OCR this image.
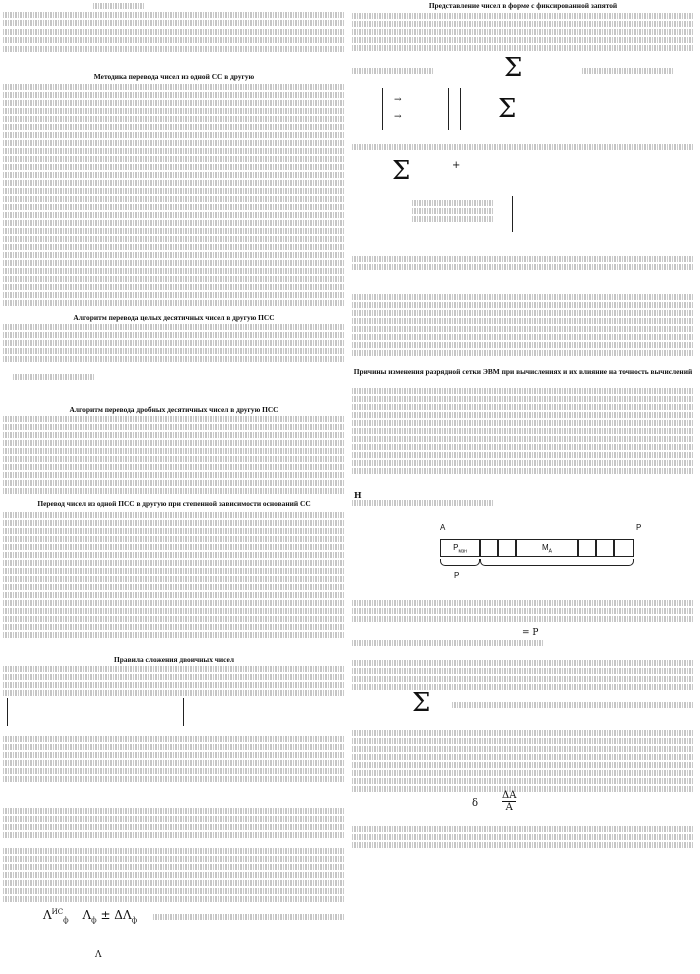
Методика перевода чисел из одной СС в другую
Алгоритм перевода целых десятичных чисел в другую ПСС
Алгоритм перевода дробных десятичных чисел в другую ПСС
Перевод чисел из одной ПСС в другую при степенной зависимости оснований СС
Правила сложения двоичных чисел
$\Lambda^{ИС}_ф$ $\Lambda_ф \pm \Delta\Lambda_ф$
Λ
Представление чисел в форме с фиксированной запятой
Σ
→
→	Σ
Σ	+
Причины изменения разрядной сетки ЭВМ при вычислениях и их влияние на точность вычислений
Н
A	P
$P_{мзн}$	$M_A$
P
= P
Σ
ΔA
A
δ
